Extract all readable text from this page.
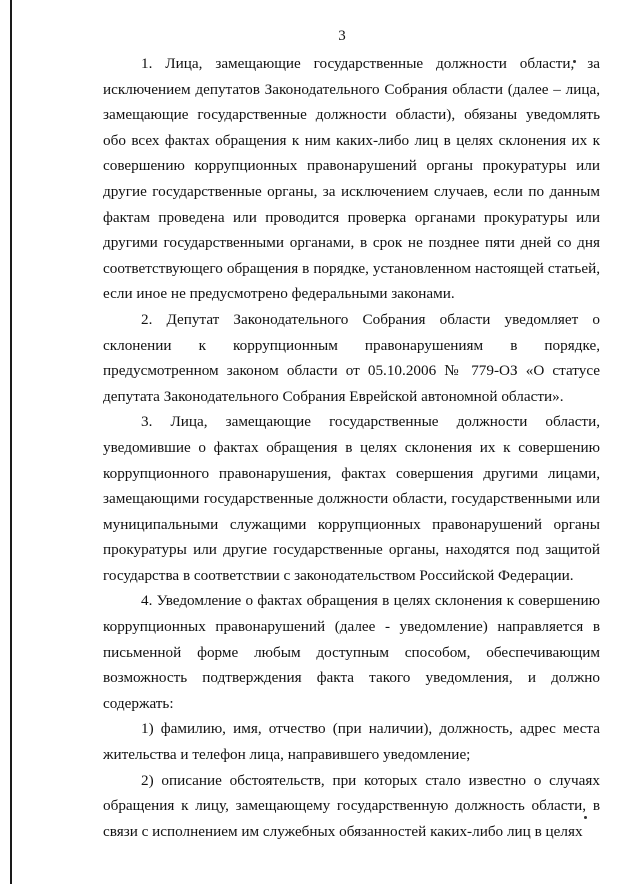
3

1. Лица, замещающие государственные должности области, за исключением депутатов Законодательного Собрания области (далее – лица, замещающие государственные должности области), обязаны уведомлять обо всех фактах обращения к ним каких-либо лиц в целях склонения их к совершению коррупционных правонарушений органы прокуратуры или другие государственные органы, за исключением случаев, если по данным фактам проведена или проводится проверка органами прокуратуры или другими государственными органами, в срок не позднее пяти дней со дня соответствующего обращения в порядке, установленном настоящей статьей, если иное не предусмотрено федеральными законами.

2. Депутат Законодательного Собрания области уведомляет о склонении к коррупционным правонарушениям в порядке, предусмотренном законом области от 05.10.2006 № 779-ОЗ «О статусе депутата Законодательного Собрания Еврейской автономной области».

3. Лица, замещающие государственные должности области, уведомившие о фактах обращения в целях склонения их к совершению коррупционного правонарушения, фактах совершения другими лицами, замещающими государственные должности области, государственными или муниципальными служащими коррупционных правонарушений органы прокуратуры или другие государственные органы, находятся под защитой государства в соответствии с законодательством Российской Федерации.

4. Уведомление о фактах обращения в целях склонения к совершению коррупционных правонарушений (далее - уведомление) направляется в письменной форме любым доступным способом, обеспечивающим возможность подтверждения факта такого уведомления, и должно содержать:

1) фамилию, имя, отчество (при наличии), должность, адрес места жительства и телефон лица, направившего уведомление;

2) описание обстоятельств, при которых стало известно о случаях обращения к лицу, замещающему государственную должность области, в связи с исполнением им служебных обязанностей каких-либо лиц в целях
